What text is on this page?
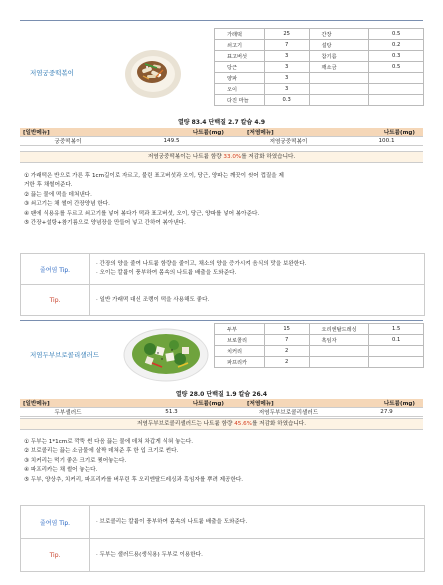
저염궁중떡볶이
가래떡	25	간장	0.5
쇠고기	7	설탕	0.2
표고버섯	3	참기름	0.3
당근	3	깨소금	0.5
양파	3		
오이	3		
다진 마늘	0.3		
열량 83.4 단백질 2.7 칼슘 4.9
[일반메뉴]	나트륨(mg)	[저염메뉴]	나트륨(mg)
궁중떡볶이	149.5	저염궁중떡볶이	100.1
저염궁중떡볶이는 나트륨 함량 33.0%를 저감화 하였습니다.
① 가래떡은 반으로 가른 후 1cm길이로 자르고, 불린 표고버섯과 오이, 당근, 양파는 깨끗이 씻어 껍질을 제
거한 후 채썰어준다.
② 끓는 물에 떡을 데쳐낸다.
③ 쇠고기는 채 썰어 간장양념 한다.
④ 팬에 식용유를 두르고 쇠고기를 넣어 볶다가 떡과 표고버섯, 오이, 당근, 양파를 넣어 볶아준다.
⑤ 간장+설탕+참기름으로 양념장을 만들어 넣고 간하여 볶아낸다.
줄여염 Tip.
· 간장의 양을 줄여 나트륨 함량을 줄이고, 채소의 양을 증가시켜 음식의 맛을 보완한다.
· 오이는 칼륨이 풍부하여 몸속의 나트륨 배출을 도와준다.
Tip.	· 일반 가래떡 대신 조랭이 떡을 사용해도 좋다.
저염두부브로콜리샐러드
두부	15	오리엔탈드레싱	1.5
브로콜리	7	흑임자	0.1
치커리	2		
파프리카	2		
열량 28.0 단백질 1.9 칼슘 26.4
[일반메뉴]	나트륨(mg)	[저염메뉴]	나트륨(mg)
두부샐러드	51.3	저염두부브로콜리샐러드	27.9
저염두부브로콜리샐러드는 나트륨 함량 45.6%를 저감화 하였습니다.
① 두부는 1*1cm로 깍뚝 썬 다음 끓는 물에 데쳐 차갑게 식혀 놓는다.
② 브로콜리는 끓는 소금물에 살짝 데쳐준 후 한 입 크기로 썬다.
③ 치커리는 먹기 좋은 크기로 찢어놓는다.
④ 파프리카는 채 썰어 놓는다.
⑤ 두부, 양상추, 치커리, 파프리카를 버무린 후 오리엔탈드레싱과 흑임자를 뿌려 제공한다.
줄여염 Tip.	· 브로콜리는 칼륨이 풍부하여 몸속의 나트륨 배출을 도와준다.
Tip.	· 두부는 샐러드용(생식용) 두부로 이용한다.
